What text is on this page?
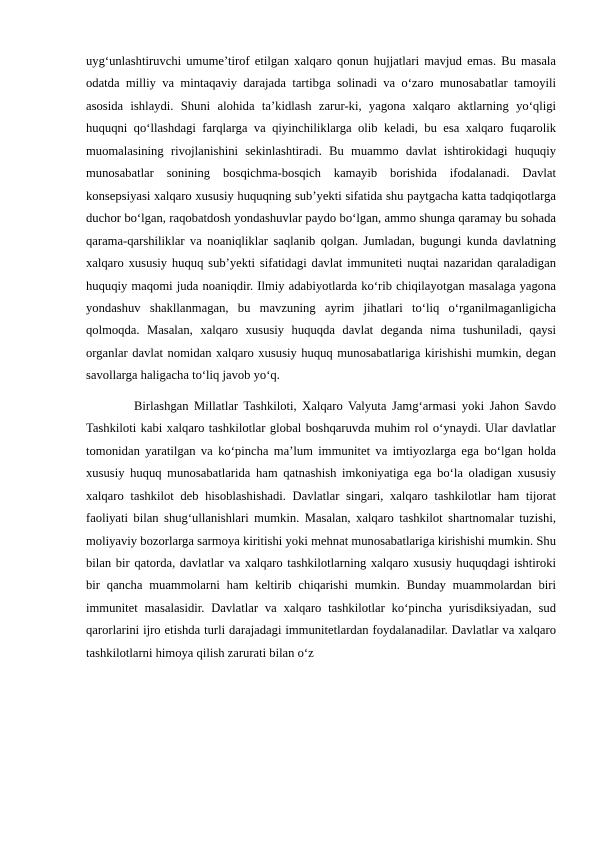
uyg‘unlashtiruvchi umume’tirof etilgan xalqaro qonun hujjatlari mavjud emas. Bu masala odatda milliy va mintaqaviy darajada tartibga solinadi va o‘zaro munosabatlar tamoyili asosida ishlaydi. Shuni alohida ta’kidlash zarur-ki, yagona xalqaro aktlarning yo‘qligi huquqni qo‘llashdagi farqlarga va qiyinchiliklarga olib keladi, bu esa xalqaro fuqarolik muomalasining rivojlanishini sekinlashtiradi. Bu muammo davlat ishtirokidagi huquqiy munosabatlar sonining bosqichma-bosqich kamayib borishida ifodalanadi. Davlat konsepsiyasi xalqaro xususiy huquqning sub’yekti sifatida shu paytgacha katta tadqiqotlarga duchor bo‘lgan, raqobatdosh yondashuvlar paydo bo‘lgan, ammo shunga qaramay bu sohada qarama-qarshiliklar va noaniqliklar saqlanib qolgan. Jumladan, bugungi kunda davlatning xalqaro xususiy huquq sub’yekti sifatidagi davlat immuniteti nuqtai nazaridan qaraladigan huquqiy maqomi juda noaniqdir. Ilmiy adabiyotlarda ko‘rib chiqilayotgan masalaga yagona yondashuv shakllanmagan, bu mavzuning ayrim jihatlari to‘liq o‘rganilmaganligicha qolmoqda. Masalan, xalqaro xususiy huquqda davlat deganda nima tushuniladi, qaysi organlar davlat nomidan xalqaro xususiy huquq munosabatlariga kirishishi mumkin, degan savollarga haligacha to‘liq javob yo‘q.

Birlashgan Millatlar Tashkiloti, Xalqaro Valyuta Jamg‘armasi yoki Jahon Savdo Tashkiloti kabi xalqaro tashkilotlar global boshqaruvda muhim rol o‘ynaydi. Ular davlatlar tomonidan yaratilgan va ko‘pincha ma’lum immunitet va imtiyozlarga ega bo‘lgan holda xususiy huquq munosabatlarida ham qatnashish imkoniyatiga ega bo‘la oladigan xususiy xalqaro tashkilot deb hisoblashishadi. Davlatlar singari, xalqaro tashkilotlar ham tijorat faoliyati bilan shug‘ullanishlari mumkin. Masalan, xalqaro tashkilot shartnomalar tuzishi, moliyaviy bozorlarga sarmoya kiritishi yoki mehnat munosabatlariga kirishishi mumkin. Shu bilan bir qatorda, davlatlar va xalqaro tashkilotlarning xalqaro xususiy huquqdagi ishtiroki bir qancha muammolarni ham keltirib chiqarishi mumkin. Bunday muammolardan biri immunitet masalasidir. Davlatlar va xalqaro tashkilotlar ko‘pincha yurisdiksiyadan, sud qarorlarini ijro etishda turli darajadagi immunitetlardan foydalanadilar. Davlatlar va xalqaro tashkilotlarni himoya qilish zarurati bilan o‘z
